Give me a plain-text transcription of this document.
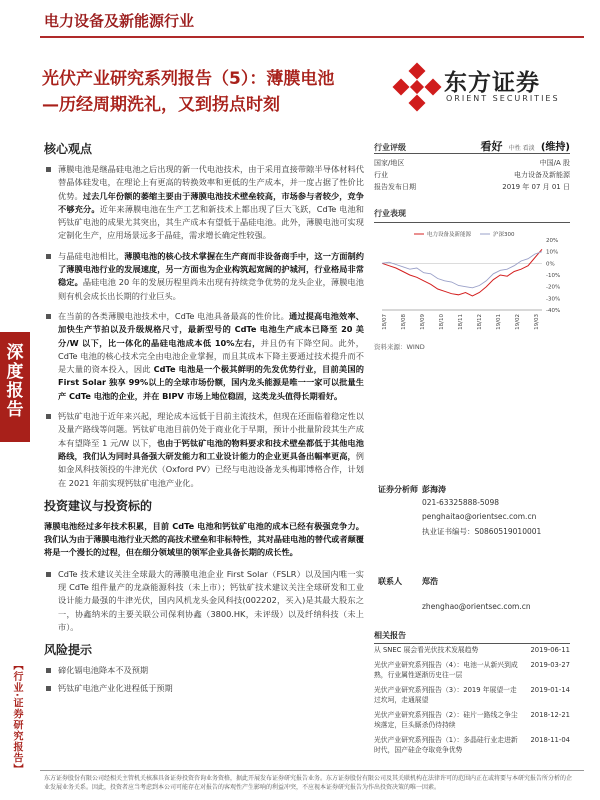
电力设备及新能源行业
深度报告
【行业·证券研究报告】
光伏产业研究系列报告（5）：薄膜电池
—历经周期洗礼，又到拐点时刻
东方证券
ORIENT SECURITIES
核心观点
薄膜电池是继晶硅电池之后出现的新一代电池技术，由于采用直接带隙半导体材料代替晶体硅发电，在理论上有更高的转换效率和更低的生产成本，并一度占据了性价比优势。过去几年份额的萎缩主要由于薄膜电池技术壁垒较高，市场参与者较少，竞争不够充分。近年来薄膜电池在生产工艺和新技术上都出现了巨大飞跃，CdTe 电池和钙钛矿电池的成果尤其突出，其生产成本有望低于晶硅电池。此外，薄膜电池可实现定制化生产，应用场景远多于晶硅，需求增长确定性较强。
与晶硅电池相比，薄膜电池的核心技术掌握在生产商而非设备商手中，这一方面制约了薄膜电池行业的发展速度，另一方面也为企业构筑起宽阔的护城河，行业格局非常稳定。晶硅电池 20 年的发展历程里尚未出现有持续竞争优势的龙头企业，薄膜电池则有机会成长出长期的行业巨头。
在当前的各类薄膜电池技术中，CdTe 电池具备最高的性价比。通过提高电池效率、加快生产节拍以及升级规格尺寸，最新型号的 CdTe 电池生产成本已降至 20 美分/W 以下，比一体化的晶硅电池成本低 10%左右，并且仍有下降空间。此外，CdTe 电池的核心技术完全由电池企业掌握，而且其成本下降主要通过技术提升而不是大量的资本投入，因此 CdTe 电池是一个极其鲜明的先发优势行业，目前美国的 First Solar 独享 99%以上的全球市场份额，国内龙头能源是唯一一家可以批量生产 CdTe 电池的企业，并在 BIPV 市场上地位稳固，这类龙头值得长期看好。
钙钛矿电池于近年来兴起，理论成本远低于目前主流技术，但现在还面临着稳定性以及量产路线等问题。钙钛矿电池目前仍处于商业化于早期，预计小批量阶段其生产成本有望降至 1 元/W 以下，也由于钙钛矿电池的物料要求和技术壁垒都低于其他电池路线，我们认为同时具备强大研发能力和工业设计能力的企业更具备出幅率更高，例如金风科技领投的牛津光伏（Oxford PV）已经与电池设备龙头梅耶博格合作，计划在 2021 年前实现钙钛矿电池产业化。
投资建议与投资标的
薄膜电池经过多年技术积累，目前 CdTe 电池和钙钛矿电池的成本已经有极强竞争力。我们认为由于薄膜电池行业天然的高技术壁垒和非标特性，其对晶硅电池的替代或者颠覆将是一个漫长的过程，但在细分领域里的领军企业具备长期的成长性。
CdTe 技术建议关注全球最大的薄膜电池企业 First Solar（FSLR）以及国内唯一实现 CdTe 组件量产的龙焱能源科技（未上市）；钙钛矿技术建议关注全球研发和工业设计能力最强的牛津光伏，国内风机龙头金风科技(002202，买入)是其最大股东之一，协鑫纳米的主要关联公司保利协鑫（3800.HK，未评级）以及纤纳科技（未上市）。
风险提示
碲化镉电池降本不及预期
钙钛矿电池产业化进程低于预期
行业评级	看好 中性 看淡 (维持)
国家/地区	中国/A 股
行业	电力设备及新能源
报告发布日期	2019 年 07 月 01 日
行业表现
20%
10%
0%
-10%
-20%
-30%
-40%
18/07 18/08 18/09 18/10 18/11 18/12 19/01 19/02 19/03
电力设备及新能源	沪深300
资料来源：WIND
证券分析师 彭海涛
021-63325888-5098
penghaitao@orientsec.com.cn
执业证书编号：S0860519010001
联系人	郑浩
zhenghao@orientsec.com.cn
相关报告
从 SNEC 展会看光伏技术发展趋势	2019-06-11
光伏产业研究系列报告（4）：电池一从新兴到成熟，行业属性逐渐历史往一层
2019-03-27
光伏产业研究系列报告（3）：2019 年展望一走过坎坷，走通展望
2019-01-14
光伏产业研究系列报告（2）：硅片一路线之争尘埃落定，巨头厮杀仍待持续
2018-12-21
光伏产业研究系列报告（1）：多晶硅行业走进新时代，国产硅企夺取竞争优势
2018-11-04
东方证券股份有限公司经相关主管机关核准具备证券投资咨询业务资格，据此开展发布证券研究报告业务。东方证券股份有限公司及其关联机构在法律许可的范围内正在或将要与本研究报告所分析的企业发展业务关系。因此，投资者应当考虑到本公司可能存在对报告的客观性产生影响的利益冲突，不应视本证券研究报告为作出投资决策的唯一因素。
